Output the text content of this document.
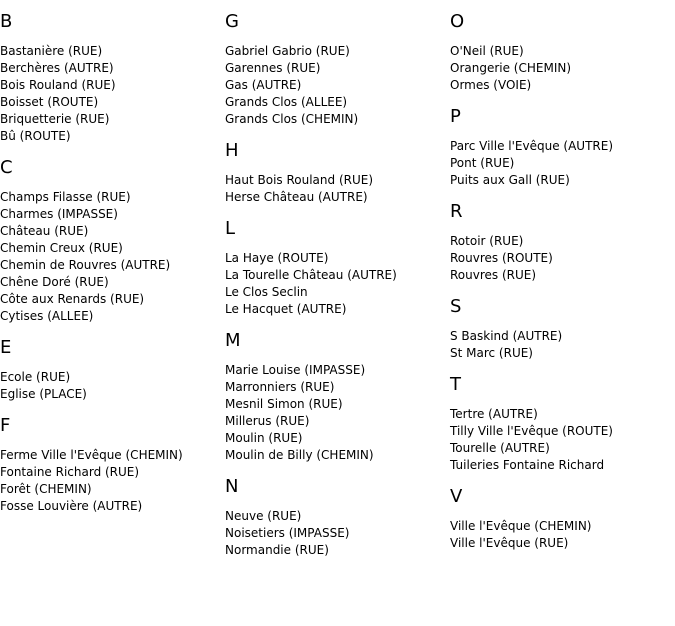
B
Bastanière (RUE)
Berchères (AUTRE)
Bois Rouland (RUE)
Boisset (ROUTE)
Briquetterie (RUE)
Bû (ROUTE)
C
Champs Filasse (RUE)
Charmes (IMPASSE)
Château (RUE)
Chemin Creux (RUE)
Chemin de Rouvres (AUTRE)
Chêne Doré (RUE)
Côte aux Renards (RUE)
Cytises (ALLEE)
E
Ecole (RUE)
Eglise (PLACE)
F
Ferme Ville l'Evêque (CHEMIN)
Fontaine Richard (RUE)
Forêt (CHEMIN)
Fosse Louvière (AUTRE)
G
Gabriel Gabrio (RUE)
Garennes (RUE)
Gas (AUTRE)
Grands Clos (ALLEE)
Grands Clos (CHEMIN)
H
Haut Bois Rouland (RUE)
Herse Château (AUTRE)
L
La Haye (ROUTE)
La Tourelle Château (AUTRE)
Le Clos Seclin
Le Hacquet (AUTRE)
M
Marie Louise (IMPASSE)
Marronniers (RUE)
Mesnil Simon (RUE)
Millerus (RUE)
Moulin (RUE)
Moulin de Billy (CHEMIN)
N
Neuve (RUE)
Noisetiers (IMPASSE)
Normandie (RUE)
O
O'Neil (RUE)
Orangerie (CHEMIN)
Ormes (VOIE)
P
Parc Ville l'Evêque (AUTRE)
Pont (RUE)
Puits aux Gall (RUE)
R
Rotoir (RUE)
Rouvres (ROUTE)
Rouvres (RUE)
S
S Baskind (AUTRE)
St Marc (RUE)
T
Tertre (AUTRE)
Tilly Ville l'Evêque (ROUTE)
Tourelle (AUTRE)
Tuileries Fontaine Richard
V
Ville l'Evêque (CHEMIN)
Ville l'Evêque (RUE)
